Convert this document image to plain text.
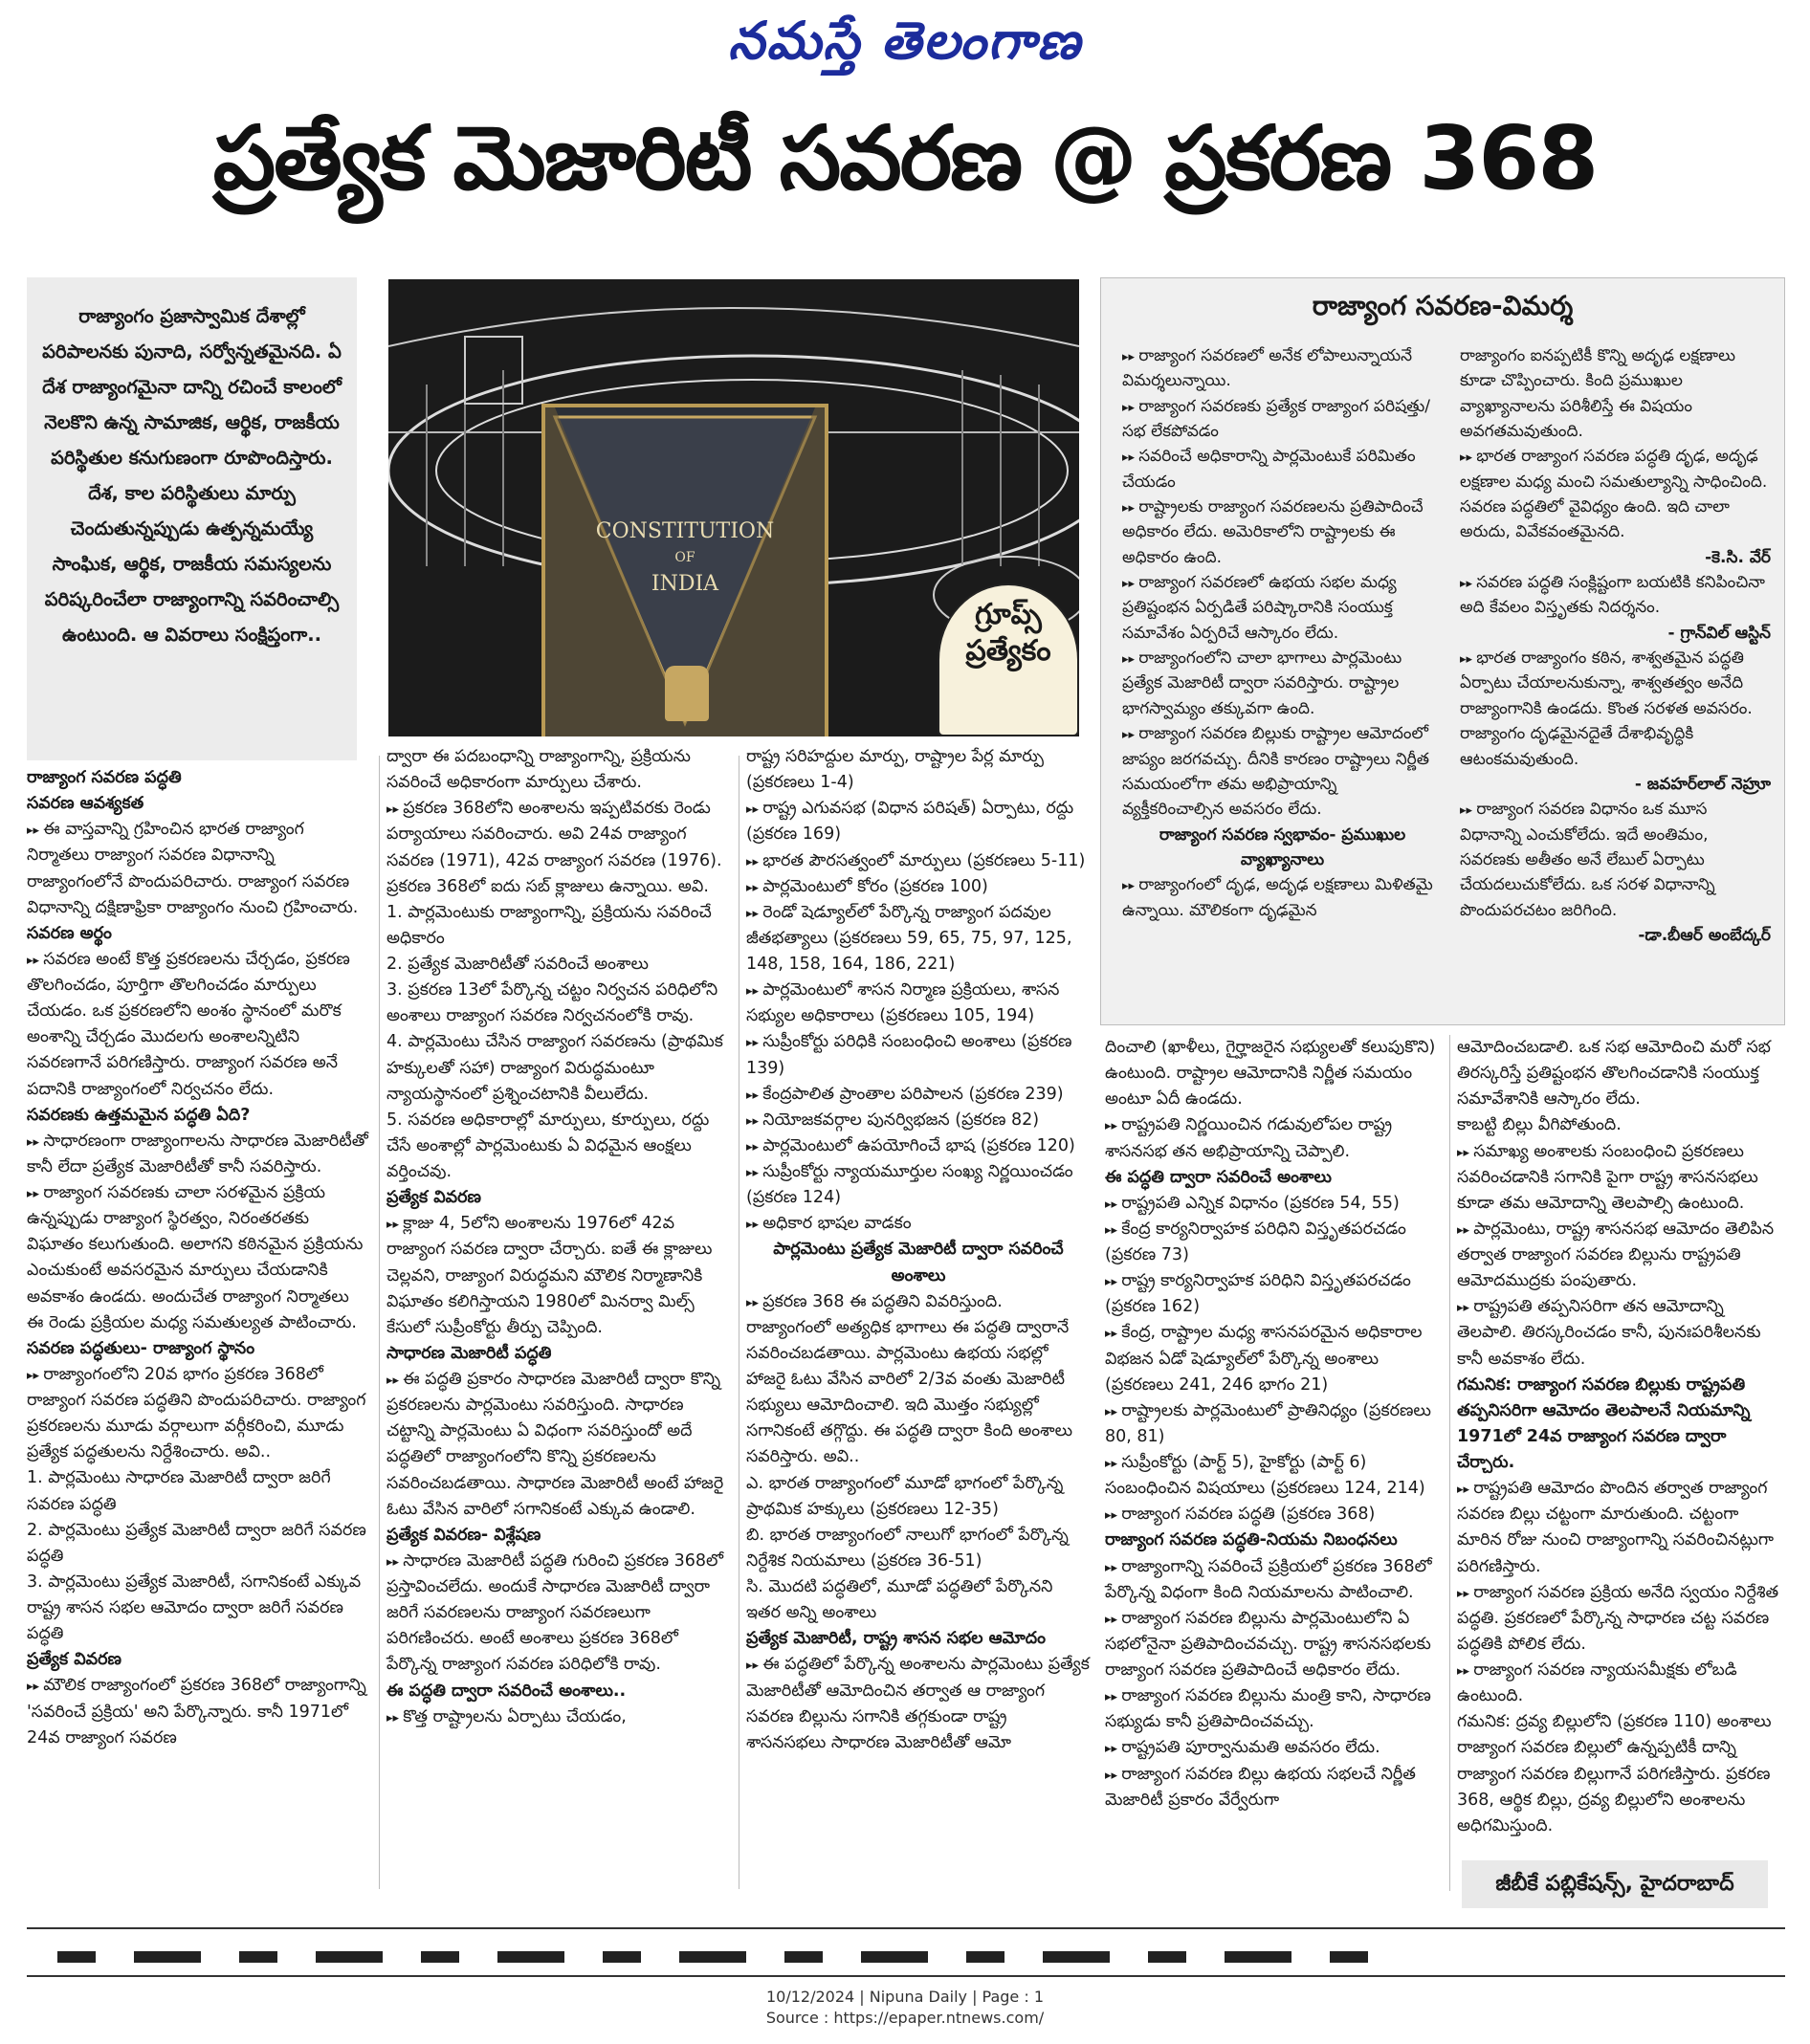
నమస్తే తెలంగాణ
ప్రత్యేక మెజారిటీ సవరణ @ ప్రకరణ 368
రాజ్యాంగం ప్రజాస్వామిక దేశాల్లో పరిపాలనకు పునాది, సర్వోన్నతమైనది. ఏ దేశ రాజ్యాంగమైనా దాన్ని రచించే కాలంలో నెలకొని ఉన్న సామాజిక, ఆర్థిక, రాజకీయ పరిస్థితుల కనుగుణంగా రూపొందిస్తారు. దేశ, కాల పరిస్థితులు మార్పు చెందుతున్నప్పుడు ఉత్పన్నమయ్యే సాంఘిక, ఆర్థిక, రాజకీయ సమస్యలను పరిష్కరించేలా రాజ్యాంగాన్ని సవరించాల్సి ఉంటుంది. ఆ వివరాలు సంక్షిప్తంగా..
CONSTITUTION
OF
INDIA
గ్రూప్స్ ప్రత్యేకం
రాజ్యాంగ సవరణ పద్ధతి
సవరణ ఆవశ్యకత
▸▸ ఈ వాస్తవాన్ని గ్రహించిన భారత రాజ్యాంగ నిర్మాతలు రాజ్యాంగ సవరణ విధానాన్ని రాజ్యాంగంలోనే పొందుపరిచారు. రాజ్యాంగ సవరణ విధానాన్ని దక్షిణాఫ్రికా రాజ్యాంగం నుంచి గ్రహించారు.
సవరణ అర్థం
▸▸ సవరణ అంటే కొత్త ప్రకరణలను చేర్చడం, ప్రకరణ తొలగించడం, పూర్తిగా తొలగించడం మార్పులు చేయడం. ఒక ప్రకరణలోని అంశం స్థానంలో మరొక అంశాన్ని చేర్చడం మొదలగు అంశాలన్నిటిని సవరణగానే పరిగణిస్తారు. రాజ్యాంగ సవరణ అనే పదానికి రాజ్యాంగంలో నిర్వచనం లేదు.
సవరణకు ఉత్తమమైన పద్ధతి ఏది?
▸▸ సాధారణంగా రాజ్యాంగాలను సాధారణ మెజారిటీతో కానీ లేదా ప్రత్యేక మెజారిటీతో కానీ సవరిస్తారు.
▸▸ రాజ్యాంగ సవరణకు చాలా సరళమైన ప్రక్రియ ఉన్నప్పుడు రాజ్యాంగ స్థిరత్వం, నిరంతరతకు విఘాతం కలుగుతుంది. అలాగని కఠినమైన ప్రక్రియను ఎంచుకుంటే అవసరమైన మార్పులు చేయడానికి అవకాశం ఉండదు. అందుచేత రాజ్యాంగ నిర్మాతలు ఈ రెండు ప్రక్రియల మధ్య సమతుల్యత పాటించారు.
సవరణ పద్ధతులు- రాజ్యాంగ స్థానం
▸▸ రాజ్యాంగంలోని 20వ భాగం ప్రకరణ 368లో రాజ్యాంగ సవరణ పద్ధతిని పొందుపరిచారు. రాజ్యాంగ ప్రకరణలను మూడు వర్గాలుగా వర్గీకరించి, మూడు ప్రత్యేక పద్ధతులను నిర్దేశించారు. అవి..
1. పార్లమెంటు సాధారణ మెజారిటీ ద్వారా జరిగే సవరణ పద్ధతి
2. పార్లమెంటు ప్రత్యేక మెజారిటీ ద్వారా జరిగే సవరణ పద్ధతి
3. పార్లమెంటు ప్రత్యేక మెజారిటీ, సగానికంటే ఎక్కువ రాష్ట్ర శాసన సభల ఆమోదం ద్వారా జరిగే సవరణ పద్ధతి
ప్రత్యేక వివరణ
▸▸ మౌలిక రాజ్యాంగంలో ప్రకరణ 368లో రాజ్యాంగాన్ని 'సవరించే ప్రక్రియ' అని పేర్కొన్నారు. కానీ 1971లో 24వ రాజ్యాంగ సవరణ
ద్వారా ఈ పదబంధాన్ని రాజ్యాంగాన్ని, ప్రక్రియను సవరించే అధికారంగా మార్పులు చేశారు.
▸▸ ప్రకరణ 368లోని అంశాలను ఇప్పటివరకు రెండు పర్యాయాలు సవరించారు. అవి 24వ రాజ్యాంగ సవరణ (1971), 42వ రాజ్యాంగ సవరణ (1976).
ప్రకరణ 368లో ఐదు సబ్ క్లాజులు ఉన్నాయి. అవి.
1. పార్లమెంటుకు రాజ్యాంగాన్ని, ప్రక్రియను సవరించే అధికారం
2. ప్రత్యేక మెజారిటీతో సవరించే అంశాలు
3. ప్రకరణ 13లో పేర్కొన్న చట్టం నిర్వచన పరిధిలోని అంశాలు రాజ్యాంగ సవరణ నిర్వచనంలోకి రావు.
4. పార్లమెంటు చేసిన రాజ్యాంగ సవరణను (ప్రాథమిక హక్కులతో సహా) రాజ్యాంగ విరుద్ధమంటూ న్యాయస్థానంలో ప్రశ్నించటానికి వీలులేదు.
5. సవరణ అధికారాల్లో మార్పులు, కూర్పులు, రద్దు చేసే అంశాల్లో పార్లమెంటుకు ఏ విధమైన ఆంక్షలు వర్తించవు.
ప్రత్యేక వివరణ
▸▸ క్లాజు 4, 5లోని అంశాలను 1976లో 42వ రాజ్యాంగ సవరణ ద్వారా చేర్చారు. ఐతే ఈ క్లాజులు చెల్లవని, రాజ్యాంగ విరుద్ధమని మౌలిక నిర్మాణానికి విఘాతం కలిగిస్తాయని 1980లో మినర్వా మిల్స్ కేసులో సుప్రీంకోర్టు తీర్పు చెప్పింది.
సాధారణ మెజారిటీ పద్ధతి
▸▸ ఈ పద్ధతి ప్రకారం సాధారణ మెజారిటీ ద్వారా కొన్ని ప్రకరణలను పార్లమెంటు సవరిస్తుంది. సాధారణ చట్టాన్ని పార్లమెంటు ఏ విధంగా సవరిస్తుందో అదే పద్ధతిలో రాజ్యాంగంలోని కొన్ని ప్రకరణలను సవరించబడతాయి. సాధారణ మెజారిటీ అంటే హాజరై ఓటు వేసిన వారిలో సగానికంటే ఎక్కువ ఉండాలి.
ప్రత్యేక వివరణ- విశ్లేషణ
▸▸ సాధారణ మెజారిటీ పద్ధతి గురించి ప్రకరణ 368లో ప్రస్తావించలేదు. అందుకే సాధారణ మెజారిటీ ద్వారా జరిగే సవరణలను రాజ్యాంగ సవరణలుగా పరిగణించరు. అంటే అంశాలు ప్రకరణ 368లో పేర్కొన్న రాజ్యాంగ సవరణ పరిధిలోకి రావు.
ఈ పద్ధతి ద్వారా సవరించే అంశాలు..
▸▸ కొత్త రాష్ట్రాలను ఏర్పాటు చేయడం,
రాష్ట్ర సరిహద్దుల మార్పు, రాష్ట్రాల పేర్ల మార్పు (ప్రకరణలు 1-4)
▸▸ రాష్ట్ర ఎగువసభ (విధాన పరిషత్) ఏర్పాటు, రద్దు (ప్రకరణ 169)
▸▸ భారత పౌరసత్వంలో మార్పులు (ప్రకరణలు 5-11)
▸▸ పార్లమెంటులో కోరం (ప్రకరణ 100)
▸▸ రెండో షెడ్యూల్‌లో పేర్కొన్న రాజ్యాంగ పదవుల జీతభత్యాలు (ప్రకరణలు 59, 65, 75, 97, 125, 148, 158, 164, 186, 221)
▸▸ పార్లమెంటులో శాసన నిర్మాణ ప్రక్రియలు, శాసన సభ్యుల అధికారాలు (ప్రకరణలు 105, 194)
▸▸ సుప్రీంకోర్టు పరిధికి సంబంధించి అంశాలు (ప్రకరణ 139)
▸▸ కేంద్రపాలిత ప్రాంతాల పరిపాలన (ప్రకరణ 239)
▸▸ నియోజకవర్గాల పునర్విభజన (ప్రకరణ 82)
▸▸ పార్లమెంటులో ఉపయోగించే భాష (ప్రకరణ 120)
▸▸ సుప్రీంకోర్టు న్యాయమూర్తుల సంఖ్య నిర్ణయించడం (ప్రకరణ 124)
▸▸ అధికార భాషల వాడకం
పార్లమెంటు ప్రత్యేక మెజారిటీ ద్వారా సవరించే అంశాలు
▸▸ ప్రకరణ 368 ఈ పద్ధతిని వివరిస్తుంది. రాజ్యాంగంలో అత్యధిక భాగాలు ఈ పద్ధతి ద్వారానే సవరించబడతాయి. పార్లమెంటు ఉభయ సభల్లో హాజరై ఓటు వేసిన వారిలో 2/3వ వంతు మెజారిటీ సభ్యులు ఆమోదించాలి. ఇది మొత్తం సభ్యుల్లో సగానికంటే తగ్గొద్దు. ఈ పద్ధతి ద్వారా కింది అంశాలు సవరిస్తారు. అవి..
ఎ. భారత రాజ్యాంగంలో మూడో భాగంలో పేర్కొన్న ప్రాథమిక హక్కులు (ప్రకరణలు 12-35)
బి. భారత రాజ్యాంగంలో నాలుగో భాగంలో పేర్కొన్న నిర్దేశిక నియమాలు (ప్రకరణ 36-51)
సి. మొదటి పద్ధతిలో, మూడో పద్ధతిలో పేర్కొనని ఇతర అన్ని అంశాలు
ప్రత్యేక మెజారిటీ, రాష్ట్ర శాసన సభల ఆమోదం
▸▸ ఈ పద్ధతిలో పేర్కొన్న అంశాలను పార్లమెంటు ప్రత్యేక మెజారిటీతో ఆమోదించిన తర్వాత ఆ రాజ్యాంగ సవరణ బిల్లును సగానికి తగ్గకుండా రాష్ట్ర శాసనసభలు సాధారణ మెజారిటీతో ఆమో
రాజ్యాంగ సవరణ-విమర్శ
▸▸ రాజ్యాంగ సవరణలో అనేక లోపాలున్నాయనే విమర్శలున్నాయి.
▸▸ రాజ్యాంగ సవరణకు ప్రత్యేక రాజ్యాంగ పరిషత్తు/సభ లేకపోవడం
▸▸ సవరించే అధికారాన్ని పార్లమెంటుకే పరిమితం చేయడం
▸▸ రాష్ట్రాలకు రాజ్యాంగ సవరణలను ప్రతిపాదించే అధికారం లేదు. అమెరికాలోని రాష్ట్రాలకు ఈ అధికారం ఉంది.
▸▸ రాజ్యాంగ సవరణలో ఉభయ సభల మధ్య ప్రతిష్టంభన ఏర్పడితే పరిష్కారానికి సంయుక్త సమావేశం ఏర్పరిచే ఆస్కారం లేదు.
▸▸ రాజ్యాంగంలోని చాలా భాగాలు పార్లమెంటు ప్రత్యేక మెజారిటీ ద్వారా సవరిస్తారు. రాష్ట్రాల భాగస్వామ్యం తక్కువగా ఉంది.
▸▸ రాజ్యాంగ సవరణ బిల్లుకు రాష్ట్రాల ఆమోదంలో జాప్యం జరగవచ్చు. దీనికి కారణం రాష్ట్రాలు నిర్ణీత సమయంలోగా తమ అభిప్రాయాన్ని వ్యక్తీకరించాల్సిన అవసరం లేదు.
రాజ్యాంగ సవరణ స్వభావం- ప్రముఖుల వ్యాఖ్యానాలు
▸▸ రాజ్యాంగంలో దృఢ, అదృఢ లక్షణాలు మిళితమై ఉన్నాయి. మౌలికంగా దృఢమైన
రాజ్యాంగం ఐనప్పటికీ కొన్ని అదృఢ లక్షణాలు కూడా చొప్పించారు. కింది ప్రముఖుల వ్యాఖ్యానాలను పరిశీలిస్తే ఈ విషయం అవగతమవుతుంది.
▸▸ భారత రాజ్యాంగ సవరణ పద్ధతి దృఢ, అదృఢ లక్షణాల మధ్య మంచి సమతుల్యాన్ని సాధించింది. సవరణ పద్ధతిలో వైవిధ్యం ఉంది. ఇది చాలా అరుదు, వివేకవంతమైనది.
-కె.సి. వేర్
▸▸ సవరణ పద్ధతి సంక్లిష్టంగా బయటికి కనిపించినా అది కేవలం విస్తృతకు నిదర్శనం.
- గ్రాన్‌విల్ ఆస్టిన్
▸▸ భారత రాజ్యాంగం కఠిన, శాశ్వతమైన పద్ధతి ఏర్పాటు చేయాలనుకున్నా, శాశ్వతత్వం అనేది రాజ్యాంగానికి ఉండదు. కొంత సరళత అవసరం. రాజ్యాంగం దృఢమైనదైతే దేశాభివృద్ధికి ఆటంకమవుతుంది.
- జవహర్‌లాల్ నెహ్రూ
▸▸ రాజ్యాంగ సవరణ విధానం ఒక మూస విధానాన్ని ఎంచుకోలేదు. ఇదే అంతిమం, సవరణకు అతీతం అనే లేబుల్ ఏర్పాటు చేయదలుచుకోలేదు. ఒక సరళ విధానాన్ని పొందుపరచటం జరిగింది.
-డా.బీఆర్ అంబేద్కర్
దించాలి (ఖాళీలు, గైర్హాజరైన సభ్యులతో కలుపుకొని) ఉంటుంది. రాష్ట్రాల ఆమోదానికి నిర్ణీత సమయం అంటూ ఏదీ ఉండదు.
▸▸ రాష్ట్రపతి నిర్ణయించిన గడువులోపల రాష్ట్ర శాసనసభ తన అభిప్రాయాన్ని చెప్పాలి.
ఈ పద్ధతి ద్వారా సవరించే అంశాలు
▸▸ రాష్ట్రపతి ఎన్నిక విధానం (ప్రకరణ 54, 55)
▸▸ కేంద్ర కార్యనిర్వాహక పరిధిని విస్తృతపరచడం (ప్రకరణ 73)
▸▸ రాష్ట్ర కార్యనిర్వాహక పరిధిని విస్తృతపరచడం (ప్రకరణ 162)
▸▸ కేంద్ర, రాష్ట్రాల మధ్య శాసనపరమైన అధికారాల విభజన ఏడో షెడ్యూల్‌లో పేర్కొన్న అంశాలు (ప్రకరణలు 241, 246 భాగం 21)
▸▸ రాష్ట్రాలకు పార్లమెంటులో ప్రాతినిధ్యం (ప్రకరణలు 80, 81)
▸▸ సుప్రీంకోర్టు (పార్ట్ 5), హైకోర్టు (పార్ట్ 6) సంబంధించిన విషయాలు (ప్రకరణలు 124, 214)
▸▸ రాజ్యాంగ సవరణ పద్ధతి (ప్రకరణ 368)
రాజ్యాంగ సవరణ పద్ధతి-నియమ నిబంధనలు
▸▸ రాజ్యాంగాన్ని సవరించే ప్రక్రియలో ప్రకరణ 368లో పేర్కొన్న విధంగా కింది నియమాలను పాటించాలి.
▸▸ రాజ్యాంగ సవరణ బిల్లును పార్లమెంటులోని ఏ సభలోనైనా ప్రతిపాదించవచ్చు. రాష్ట్ర శాసనసభలకు రాజ్యాంగ సవరణ ప్రతిపాదించే అధికారం లేదు.
▸▸ రాజ్యాంగ సవరణ బిల్లును మంత్రి కాని, సాధారణ సభ్యుడు కానీ ప్రతిపాదించవచ్చు.
▸▸ రాష్ట్రపతి పూర్వానుమతి అవసరం లేదు.
▸▸ రాజ్యాంగ సవరణ బిల్లు ఉభయ సభలచే నిర్ణీత మెజారిటీ ప్రకారం వేర్వేరుగా
ఆమోదించబడాలి. ఒక సభ ఆమోదించి మరో సభ తిరస్కరిస్తే ప్రతిష్టంభన తొలగించడానికి సంయుక్త సమావేశానికి ఆస్కారం లేదు.
కాబట్టి బిల్లు వీగిపోతుంది.
▸▸ సమాఖ్య అంశాలకు సంబంధించి ప్రకరణలు సవరించడానికి సగానికి పైగా రాష్ట్ర శాసనసభలు కూడా తమ ఆమోదాన్ని తెలపాల్సి ఉంటుంది.
▸▸ పార్లమెంటు, రాష్ట్ర శాసనసభ ఆమోదం తెలిపిన తర్వాత రాజ్యాంగ సవరణ బిల్లును రాష్ట్రపతి ఆమోదముద్రకు పంపుతారు.
▸▸ రాష్ట్రపతి తప్పనిసరిగా తన ఆమోదాన్ని తెలపాలి. తిరస్కరించడం కానీ, పునఃపరిశీలనకు కానీ అవకాశం లేదు.
గమనిక: రాజ్యాంగ సవరణ బిల్లుకు రాష్ట్రపతి తప్పనిసరిగా ఆమోదం తెలపాలనే నియమాన్ని 1971లో 24వ రాజ్యాంగ సవరణ ద్వారా చేర్చారు.
▸▸ రాష్ట్రపతి ఆమోదం పొందిన తర్వాత రాజ్యాంగ సవరణ బిల్లు చట్టంగా మారుతుంది. చట్టంగా మారిన రోజు నుంచి రాజ్యాంగాన్ని సవరించినట్లుగా పరిగణిస్తారు.
▸▸ రాజ్యాంగ సవరణ ప్రక్రియ అనేది స్వయం నిర్దేశిత పద్ధతి. ప్రకరణలో పేర్కొన్న సాధారణ చట్ట సవరణ పద్ధతికి పోలిక లేదు.
▸▸ రాజ్యాంగ సవరణ న్యాయసమీక్షకు లోబడి ఉంటుంది.
గమనిక: ద్రవ్య బిల్లులోని (ప్రకరణ 110) అంశాలు రాజ్యాంగ సవరణ బిల్లులో ఉన్నప్పటికీ దాన్ని రాజ్యాంగ సవరణ బిల్లుగానే పరిగణిస్తారు. ప్రకరణ 368, ఆర్థిక బిల్లు, ద్రవ్య బిల్లులోని అంశాలను అధిగమిస్తుంది.
జీబీకే పబ్లికేషన్స్, హైదరాబాద్
10/12/2024 | Nipuna Daily | Page : 1
Source : https://epaper.ntnews.com/
